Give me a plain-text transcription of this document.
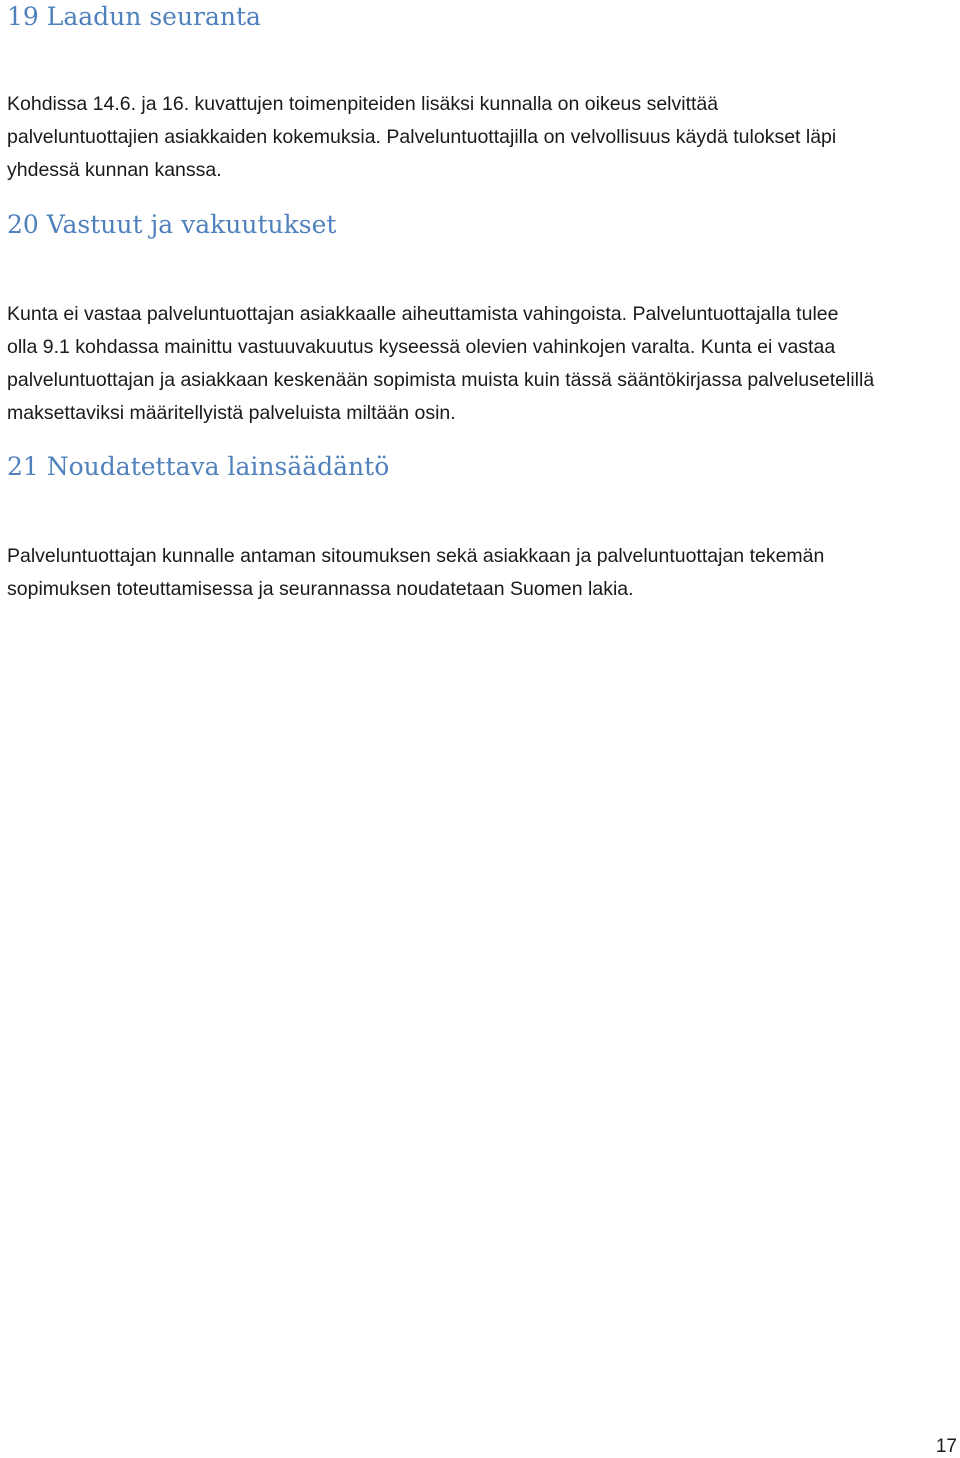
19 Laadun seuranta
Kohdissa 14.6. ja 16. kuvattujen toimenpiteiden lisäksi kunnalla on oikeus selvittää
palveluntuottajien asiakkaiden kokemuksia. Palveluntuottajilla on velvollisuus käydä tulokset läpi
yhdessä kunnan kanssa.
20 Vastuut ja vakuutukset
Kunta ei vastaa palveluntuottajan asiakkaalle aiheuttamista vahingoista. Palveluntuottajalla tulee
olla 9.1 kohdassa mainittu vastuuvakuutus kyseessä olevien vahinkojen varalta. Kunta ei vastaa
palveluntuottajan ja asiakkaan keskenään sopimista muista kuin tässä sääntökirjassa palvelusetelillä
maksettaviksi määritellyistä palveluista miltään osin.
21 Noudatettava lainsäädäntö
Palveluntuottajan kunnalle antaman sitoumuksen sekä asiakkaan ja palveluntuottajan tekemän
sopimuksen toteuttamisessa ja seurannassa noudatetaan Suomen lakia.
17
